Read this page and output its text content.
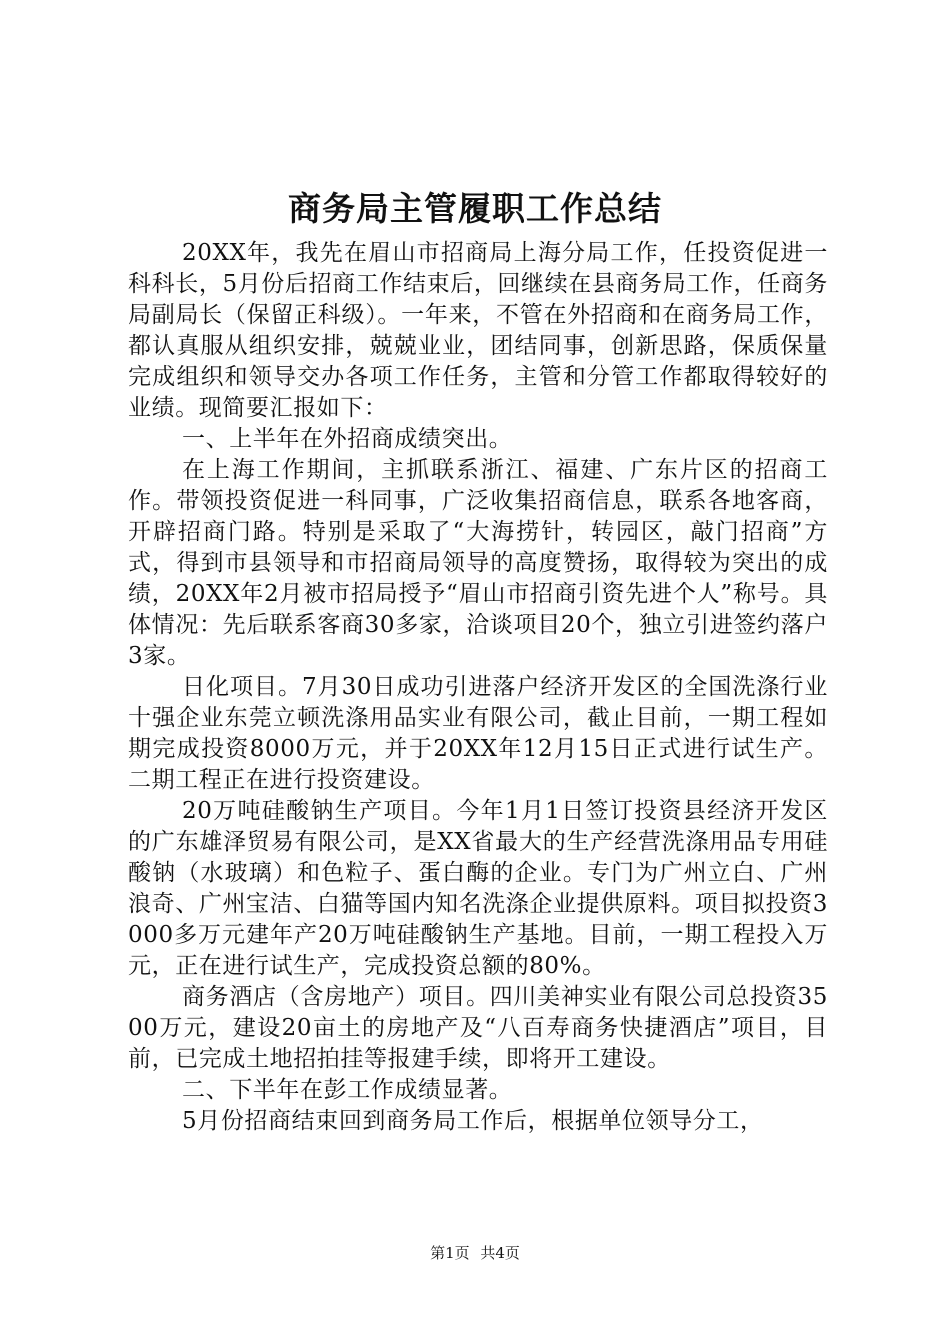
商务局主管履职工作总结

20XX年，我先在眉山市招商局上海分局工作，任投资促进一科科长，5月份后招商工作结束后，回继续在县商务局工作，任商务局副局长（保留正科级）。一年来，不管在外招商和在商务局工作，都认真服从组织安排，兢兢业业，团结同事，创新思路，保质保量完成组织和领导交办各项工作任务，主管和分管工作都取得较好的业绩。现简要汇报如下：

一、上半年在外招商成绩突出。

在上海工作期间，主抓联系浙江、福建、广东片区的招商工作。带领投资促进一科同事，广泛收集招商信息，联系各地客商，开辟招商门路。特别是采取了“大海捞针，转园区，敲门招商”方式，得到市县领导和市招商局领导的高度赞扬，取得较为突出的成绩，20XX年2月被市招局授予“眉山市招商引资先进个人”称号。具体情况：先后联系客商30多家，洽谈项目20个，独立引进签约落户3家。

日化项目。7月30日成功引进落户经济开发区的全国洗涤行业十强企业东莞立顿洗涤用品实业有限公司，截止目前，一期工程如期完成投资8000万元，并于20XX年12月15日正式进行试生产。二期工程正在进行投资建设。

20万吨硅酸钠生产项目。今年1月1日签订投资县经济开发区的广东雄泽贸易有限公司，是XX省最大的生产经营洗涤用品专用硅酸钠（水玻璃）和色粒子、蛋白酶的企业。专门为广州立白、广州浪奇、广州宝洁、白猫等国内知名洗涤企业提供原料。项目拟投资3000多万元建年产20万吨硅酸钠生产基地。目前，一期工程投入万元，正在进行试生产，完成投资总额的80%。

商务酒店（含房地产）项目。四川美神实业有限公司总投资3500万元，建设20亩土的房地产及“八百寿商务快捷酒店”项目，目前，已完成土地招拍挂等报建手续，即将开工建设。

二、下半年在彭工作成绩显著。

5月份招商结束回到商务局工作后，根据单位领导分工，

第1页 共4页
